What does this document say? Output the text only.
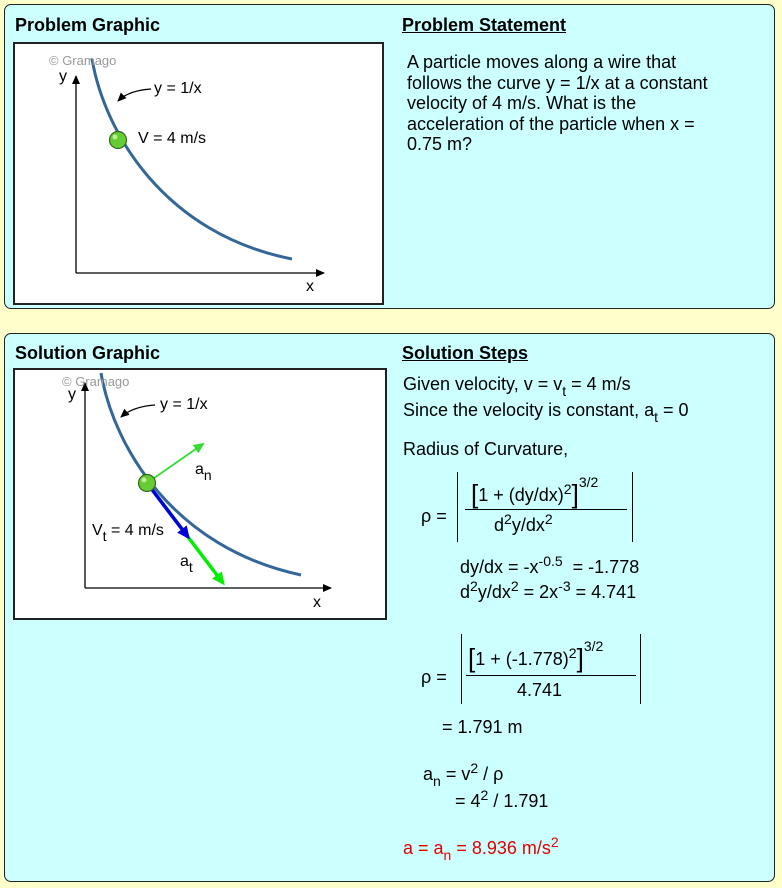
Problem Graphic	Problem Statement
© Gramago
y
x
y = 1/x
V = 4 m/s
A particle moves along a wire that
follows the curve y = 1/x at a constant
velocity of 4 m/s. What is the
acceleration of the particle when x =
0.75 m?
Solution Graphic	Solution Steps
© Gramago
y
x
y = 1/x
an
at
Vt = 4 m/s
Given velocity, $v = v_t = 4$ m/s
Since the velocity is constant, $a_t = 0$
Radius of Curvature,
ρ =
$[1 + (dy/dx)^2]^{3/2}$
$d^2y/dx^2$
$dy/dx = -x^{-0.5} = -1.778$
$d^2y/dx^2 = 2x^{-3} = 4.741$
ρ =
$[1 + (-1.778)^2]^{3/2}$
4.741
= 1.791 m
$a_n = v^2 / \rho$
= $4^2 / 1.791$
$a = a_n = 8.936$ $m/s^2$
